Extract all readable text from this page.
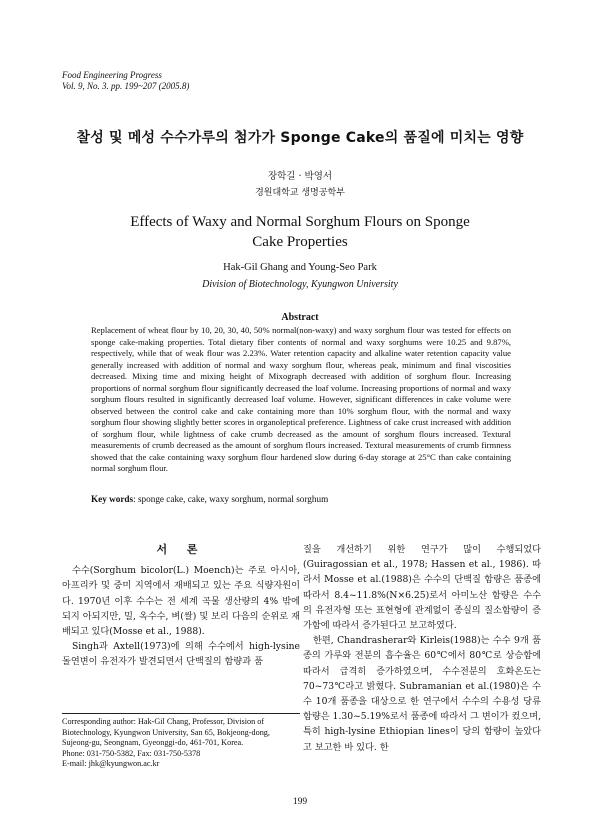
Food Engineering Progress
Vol. 9, No. 3. pp. 199~207 (2005.8)
찰성 및 메성 수수가루의 첨가가 Sponge Cake의 품질에 미치는 영향
장학길 · 박영서
경원대학교 생명공학부
Effects of Waxy and Normal Sorghum Flours on Sponge
Cake Properties
Hak-Gil Ghang and Young-Seo Park
Division of Biotechnology, Kyungwon University
Abstract
Replacement of wheat flour by 10, 20, 30, 40, 50% normal(non-waxy) and waxy sorghum flour was tested for effects on sponge cake-making properties. Total dietary fiber contents of normal and waxy sorghums were 10.25 and 9.87%, respectively, while that of weak flour was 2.23%. Water retention capacity and alkaline water retention capacity value generally increased with addition of normal and waxy sorghum flour, whereas peak, minimum and final viscosities decreased. Mixing time and mixing height of Mixograph decreased with addition of sorghum flour. Increasing proportions of normal sorghum flour significantly decreased the loaf volume. Increasing proportions of normal and waxy sorghum flours resulted in significantly decreased loaf volume. However, significant differences in cake volume were observed between the control cake and cake containing more than 10% sorghum flour, with the normal and waxy sorghum flour showing slightly better scores in organoleptical preference. Lightness of cake crust increased with addition of sorghum flour, while lightness of cake crumb decreased as the amount of sorghum flours increased. Textural measurements of crumb decreased as the amount of sorghum flours increased. Textural measurements of crumb firmness showed that the cake containing waxy sorghum flour hardened slow during 6-day storage at 25°C than cake containing normal sorghum flour.
Key words: sponge cake, cake, waxy sorghum, normal sorghum
서 론

수수(Sorghum bicolor(L.) Moench)는 주로 아시아, 아프리카 및 중미 지역에서 재배되고 있는 주요 식량자원이다. 1970년 이후 수수는 전 세계 곡물 생산량의 4% 밖에 되지 아되지만, 밀, 옥수수, 벼(쌀) 및 보리 다음의 순위로 재배되고 있다(Mosse et al., 1988).

Singh과 Axtell(1973)에 의해 수수에서 high-lysine 돌연변이 유전자가 발견되면서 단백질의 함량과 품

질을 개선하기 위한 연구가 많이 수행되었다(Guiragossian et al., 1978; Hassen et al., 1986). 따라서 Mosse et al.(1988)은 수수의 단백질 함량은 품종에 따라서 8.4~11.8%(N×6.25)로서 아미노산 함량은 수수의 유전자형 또는 표현형에 관계없이 종실의 질소함량이 증가함에 따라서 증가된다고 보고하였다.

한편, Chandrasherar와 Kirleis(1988)는 수수 9개 품종의 가루와 전분의 흡수율은 60℃에서 80℃로 상승함에 따라서 급격히 증가하였으며, 수수전분의 호화온도는 70~73℃라고 밝혔다. Subramanian et al.(1980)은 수수 10개 품종을 대상으로 한 연구에서 수수의 수용성 당류 함량은 1.30~5.19%로서 품종에 따라서 그 변이가 컸으며, 특히 high-lysine Ethiopian lines이 당의 함량이 높았다고 보고한 바 있다. 한

Corresponding author: Hak-Gil Chang, Professor, Division of
Biotechnology, Kyungwon University, San 65, Bokjeong-dong,
Sujeong-gu, Seongnam, Gyeonggi-do, 461-701, Korea.
Phone: 031-750-5382, Fax: 031-750-5378
E-mail: jhk@kyungwon.ac.kr
199
